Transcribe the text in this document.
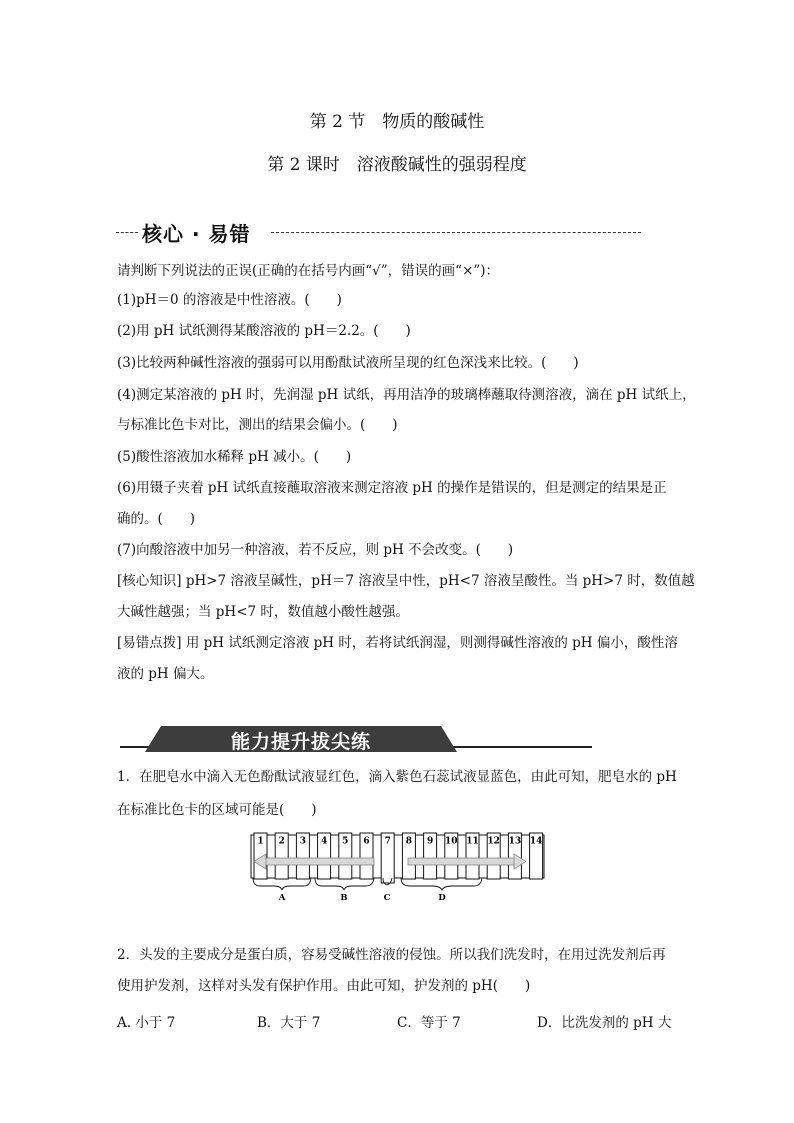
第 2 节　物质的酸碱性
第 2 课时　溶液酸碱性的强弱程度
核心 · 易错
请判断下列说法的正误(正确的在括号内画“√”，错误的画“×”)：
(1)pH＝0 的溶液是中性溶液。(　　)
(2)用 pH 试纸测得某酸溶液的 pH＝2.2。(　　)
(3)比较两种碱性溶液的强弱可以用酚酞试液所呈现的红色深浅来比较。(　　)
(4)测定某溶液的 pH 时，先润湿 pH 试纸，再用洁净的玻璃棒蘸取待测溶液，滴在 pH 试纸上，
与标准比色卡对比，测出的结果会偏小。(　　)
(5)酸性溶液加水稀释 pH 减小。(　　)
(6)用镊子夹着 pH 试纸直接蘸取溶液来测定溶液 pH 的操作是错误的，但是测定的结果是正
确的。(　　)
(7)向酸溶液中加另一种溶液，若不反应，则 pH 不会改变。(　　)
[核心知识] pH>7 溶液呈碱性，pH＝7 溶液呈中性，pH<7 溶液呈酸性。当 pH>7 时，数值越
大碱性越强；当 pH<7 时，数值越小酸性越强。
[易错点拨] 用 pH 试纸测定溶液 pH 时，若将试纸润湿，则测得碱性溶液的 pH 偏小，酸性溶
液的 pH 偏大。
能力提升拔尖练
1．在肥皂水中滴入无色酚酞试液显红色，滴入紫色石蕊试液显蓝色，由此可知，肥皂水的 pH
在标准比色卡的区域可能是(　　)
1 2 3 4 5 6 7 8 9 10 11 12 13 14
A	B	C	D
2．头发的主要成分是蛋白质，容易受碱性溶液的侵蚀。所以我们洗发时，在用过洗发剂后再
使用护发剂，这样对头发有保护作用。由此可知，护发剂的 pH(　　)
A. 小于 7	B．大于 7	C．等于 7	D．比洗发剂的 pH 大
